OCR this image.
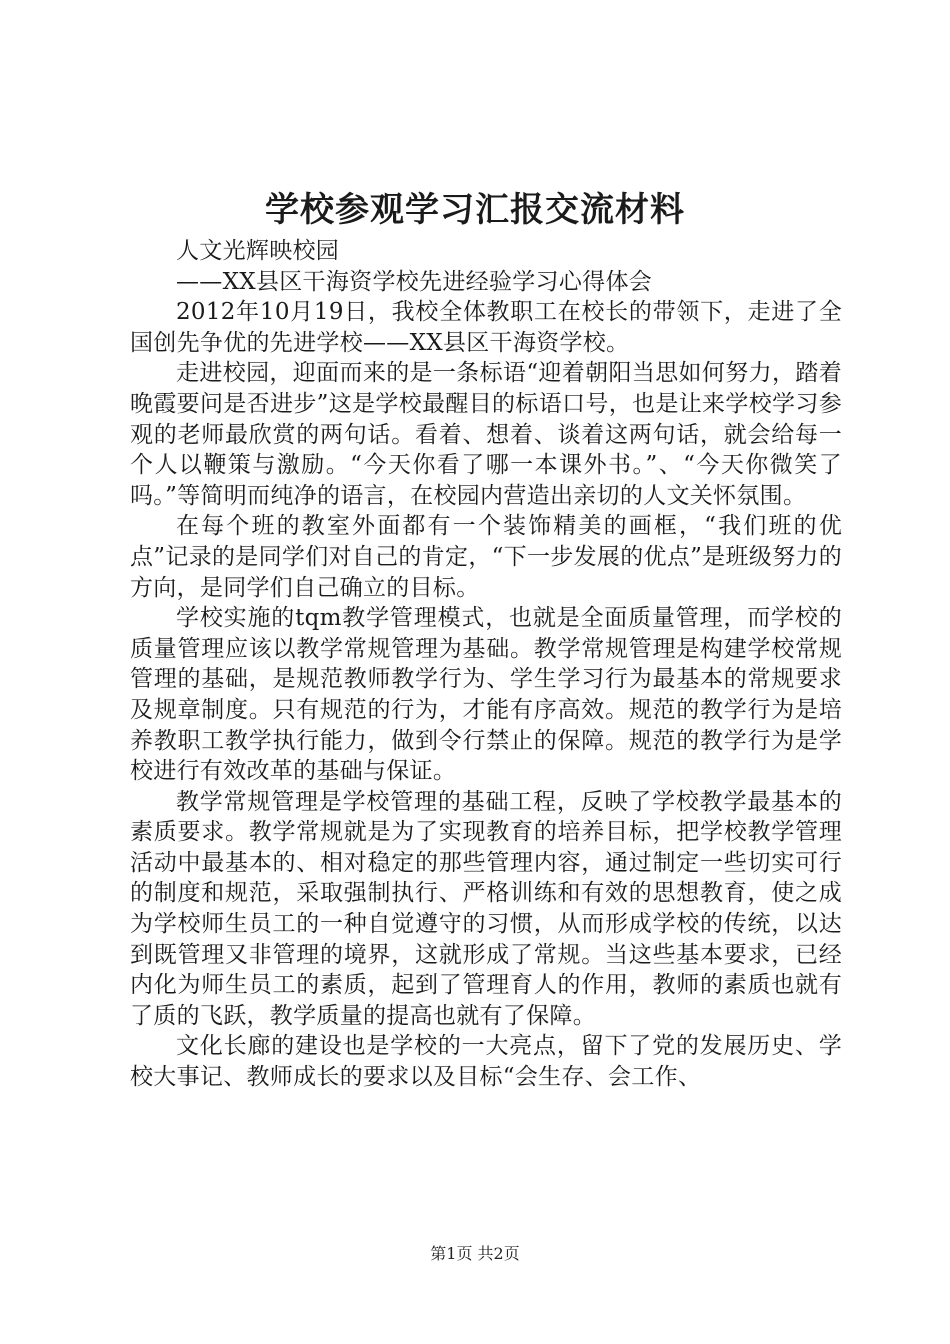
学校参观学习汇报交流材料

人文光辉映校园

——XX县区干海资学校先进经验学习心得体会

2012年10月19日，我校全体教职工在校长的带领下，走进了全国创先争优的先进学校——XX县区干海资学校。

走进校园，迎面而来的是一条标语“迎着朝阳当思如何努力，踏着晚霞要问是否进步”这是学校最醒目的标语口号，也是让来学校学习参观的老师最欣赏的两句话。看着、想着、谈着这两句话，就会给每一个人以鞭策与激励。“今天你看了哪一本课外书。”、“今天你微笑了吗。”等简明而纯净的语言，在校园内营造出亲切的人文关怀氛围。

在每个班的教室外面都有一个装饰精美的画框，“我们班的优点”记录的是同学们对自己的肯定，“下一步发展的优点”是班级努力的方向，是同学们自己确立的目标。

学校实施的tqm教学管理模式，也就是全面质量管理，而学校的质量管理应该以教学常规管理为基础。教学常规管理是构建学校常规管理的基础，是规范教师教学行为、学生学习行为最基本的常规要求及规章制度。只有规范的行为，才能有序高效。规范的教学行为是培养教职工教学执行能力，做到令行禁止的保障。规范的教学行为是学校进行有效改革的基础与保证。

教学常规管理是学校管理的基础工程，反映了学校教学最基本的素质要求。教学常规就是为了实现教育的培养目标，把学校教学管理活动中最基本的、相对稳定的那些管理内容，通过制定一些切实可行的制度和规范，采取强制执行、严格训练和有效的思想教育，使之成为学校师生员工的一种自觉遵守的习惯，从而形成学校的传统，以达到既管理又非管理的境界，这就形成了常规。当这些基本要求，已经内化为师生员工的素质，起到了管理育人的作用，教师的素质也就有了质的飞跃，教学质量的提高也就有了保障。

文化长廊的建设也是学校的一大亮点，留下了党的发展历史、学校大事记、教师成长的要求以及目标“会生存、会工作、

第1页 共2页
